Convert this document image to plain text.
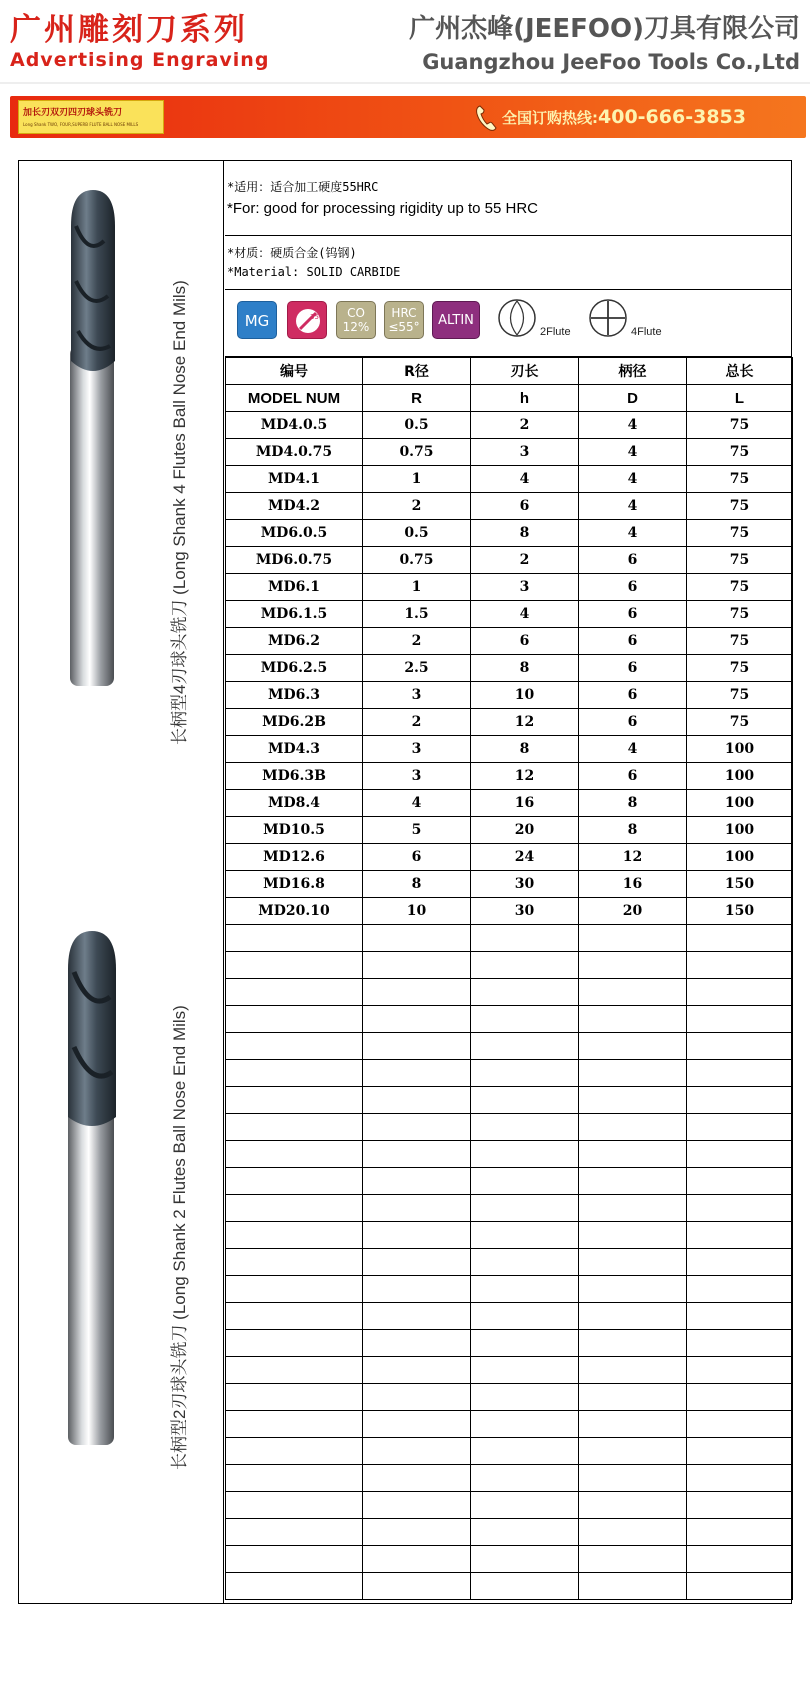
广州雕刻刀系列
Advertising Engraving
广州杰峰(JEEFOO)刀具有限公司
Guangzhou JeeFoo Tools Co.,Ltd
加长刃双刃四刃球头铣刀
Long Shank TWO, FOUR,SUPERB FLUTE BALL NOSE MILLS	全国订购热线:400-666-3853
长柄型4刃球头铣刀 (Long Shank 4 Flutes Ball Nose End Mils)
长柄型2刃球头铣刀 (Long Shank 2 Flutes Ball Nose End Mils)
*适用：适合加工硬度55HRC
*For: good for processing rigidity up to 55 HRC
*材质：硬质合金(钨钢)
*Material: SOLID CARBIDE
MG	35°	CO
12%
HRC
≤55°	ALTIN
2Flute	4Flute
编号	R径	刃长	柄径	总长
MODEL NUM	R	h	D	L
MD4.0.5	0.5	2	4	75
MD4.0.75	0.75	3	4	75
MD4.1	1	4	4	75
MD4.2	2	6	4	75
MD6.0.5	0.5	8	4	75
MD6.0.75	0.75	2	6	75
MD6.1	1	3	6	75
MD6.1.5	1.5	4	6	75
MD6.2	2	6	6	75
MD6.2.5	2.5	8	6	75
MD6.3	3	10	6	75
MD6.2B	2	12	6	75
MD4.3	3	8	4	100
MD6.3B	3	12	6	100
MD8.4	4	16	8	100
MD10.5	5	20	8	100
MD12.6	6	24	12	100
MD16.8	8	30	16	150
MD20.10	10	30	20	150
